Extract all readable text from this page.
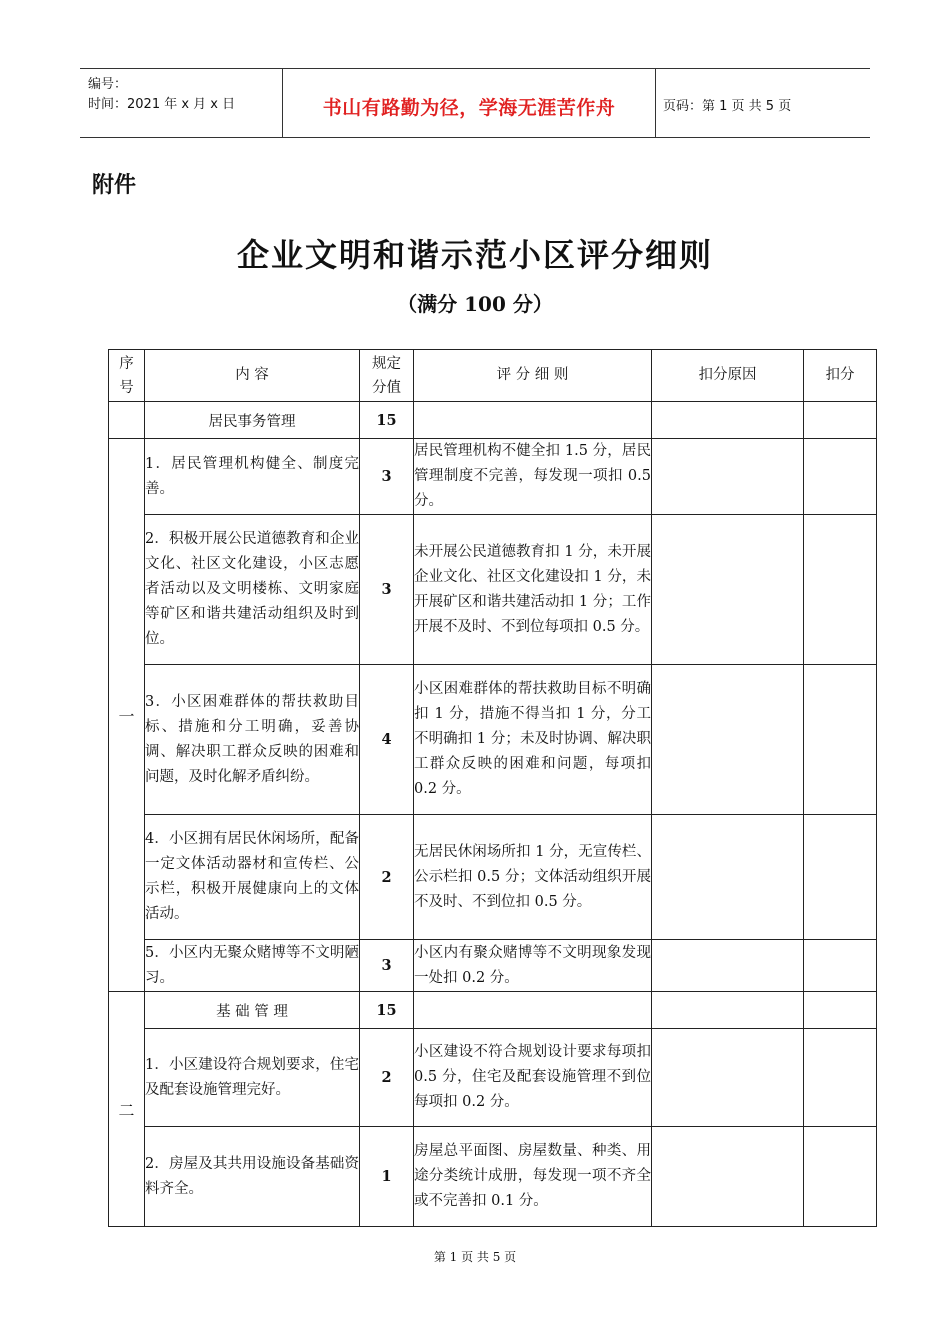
编号：
时间：2021 年 x 月 x 日	书山有路勤为径，学海无涯苦作舟	页码：第 1 页 共 5 页
附件
企业文明和谐示范小区评分细则
（满分 100 分）
序号	内 容	规定分值	评 分 细 则	扣分原因	扣分
	居民事务管理	15			
一	1．居民管理机构健全、制度完善。	3	居民管理机构不健全扣 1.5 分，居民管理制度不完善，每发现一项扣 0.5 分。		
	2．积极开展公民道德教育和企业文化、社区文化建设，小区志愿者活动以及文明楼栋、文明家庭等矿区和谐共建活动组织及时到位。	3	未开展公民道德教育扣 1 分，未开展企业文化、社区文化建设扣 1 分，未开展矿区和谐共建活动扣 1 分；工作开展不及时、不到位每项扣 0.5 分。		
	3．小区困难群体的帮扶救助目标、措施和分工明确，妥善协调、解决职工群众反映的困难和问题，及时化解矛盾纠纷。	4	小区困难群体的帮扶救助目标不明确扣 1 分，措施不得当扣 1 分，分工不明确扣 1 分；未及时协调、解决职工群众反映的困难和问题，每项扣 0.2 分。		
	4．小区拥有居民休闲场所，配备一定文体活动器材和宣传栏、公示栏，积极开展健康向上的文体活动。	2	无居民休闲场所扣 1 分，无宣传栏、公示栏扣 0.5 分；文体活动组织开展不及时、不到位扣 0.5 分。		
	5．小区内无聚众赌博等不文明陋习。	3	小区内有聚众赌博等不文明现象发现一处扣 0.2 分。		
二	基 础 管 理	15			
	1．小区建设符合规划要求，住宅及配套设施管理完好。	2	小区建设不符合规划设计要求每项扣 0.5 分，住宅及配套设施管理不到位每项扣 0.2 分。		
	2．房屋及其共用设施设备基础资料齐全。	1	房屋总平面图、房屋数量、种类、用途分类统计成册，每发现一项不齐全或不完善扣 0.1 分。		
第 1 页 共 5 页
